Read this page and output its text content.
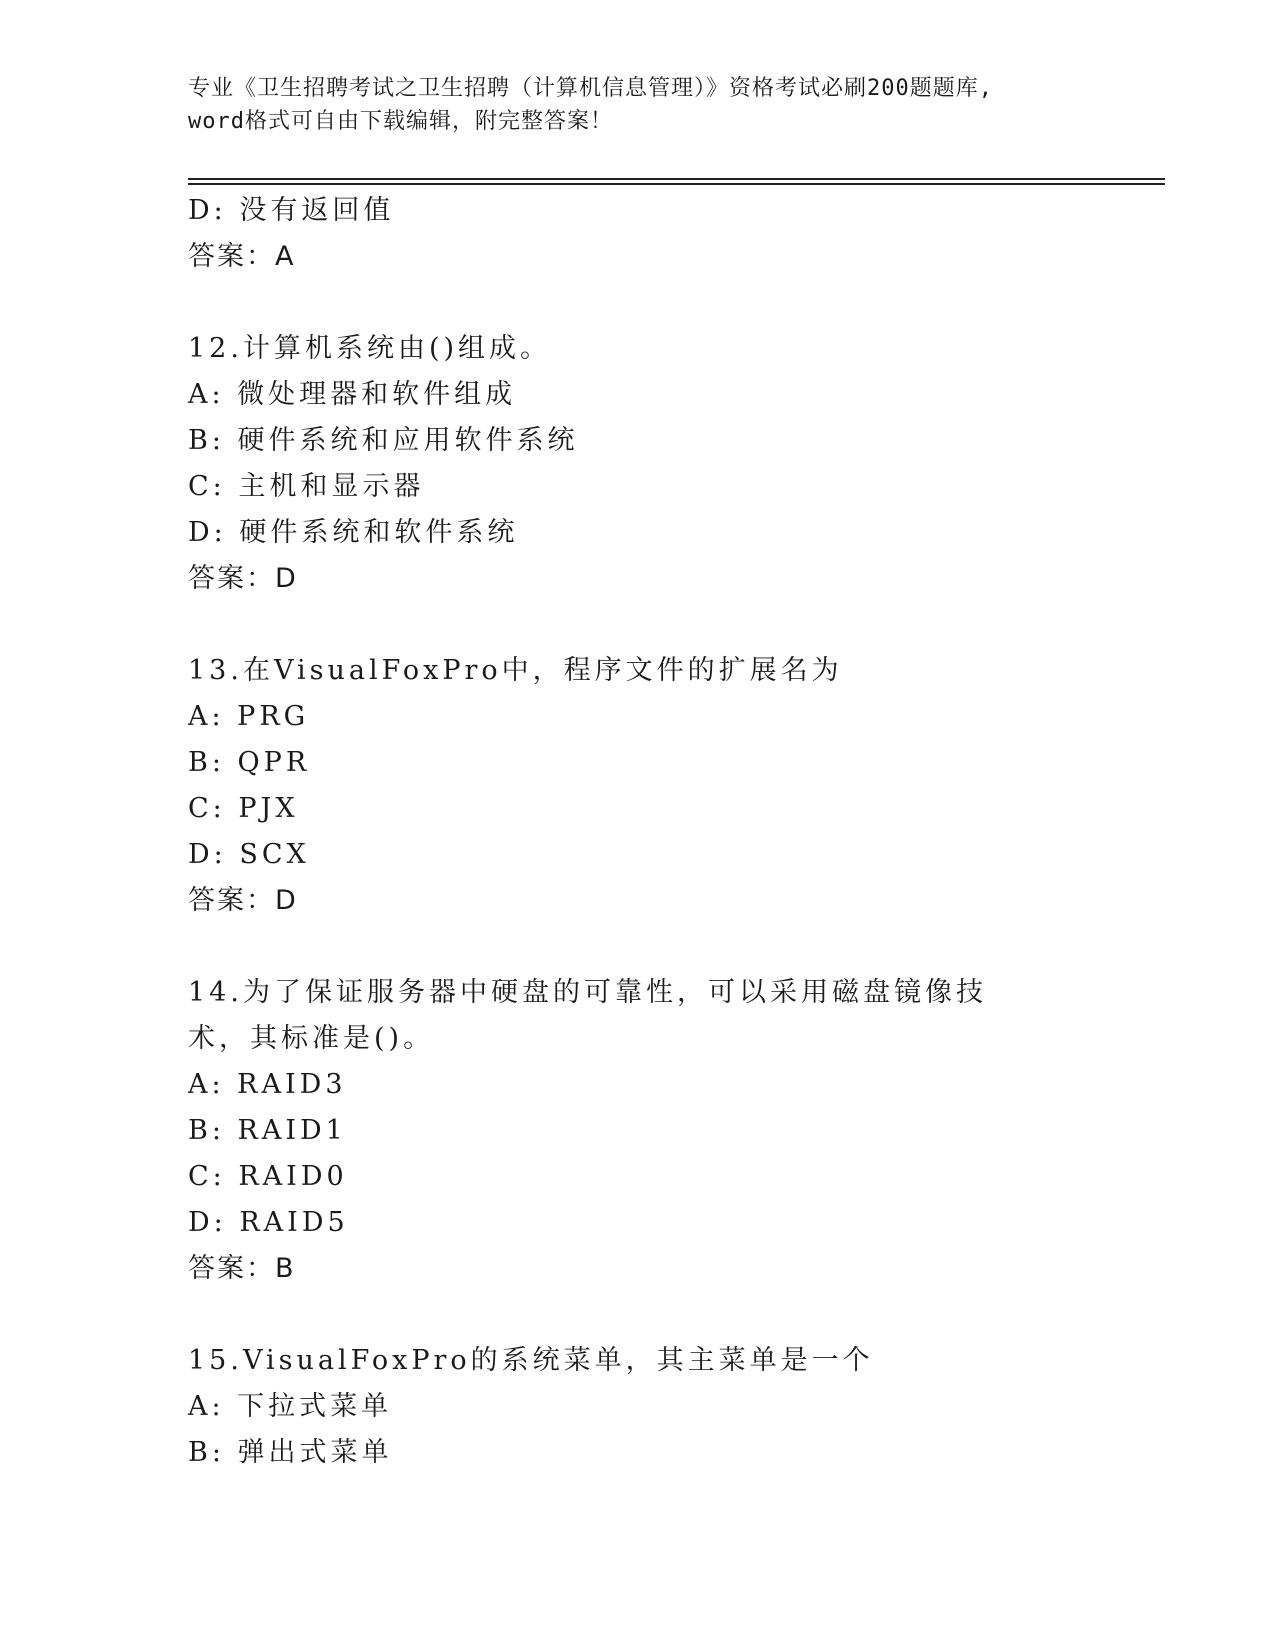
专业《卫生招聘考试之卫生招聘（计算机信息管理）》资格考试必刷200题题库,
word格式可自由下载编辑，附完整答案！
D: 没有返回值
答案：A
12.计算机系统由()组成。
A: 微处理器和软件组成
B: 硬件系统和应用软件系统
C: 主机和显示器
D: 硬件系统和软件系统
答案：D
13.在VisualFoxPro中，程序文件的扩展名为
A: PRG
B: QPR
C: PJX
D: SCX
答案：D
14.为了保证服务器中硬盘的可靠性，可以采用磁盘镜像技术，其标准是()。
A: RAID3
B: RAID1
C: RAID0
D: RAID5
答案：B
15.VisualFoxPro的系统菜单，其主菜单是一个
A: 下拉式菜单
B: 弹出式菜单
